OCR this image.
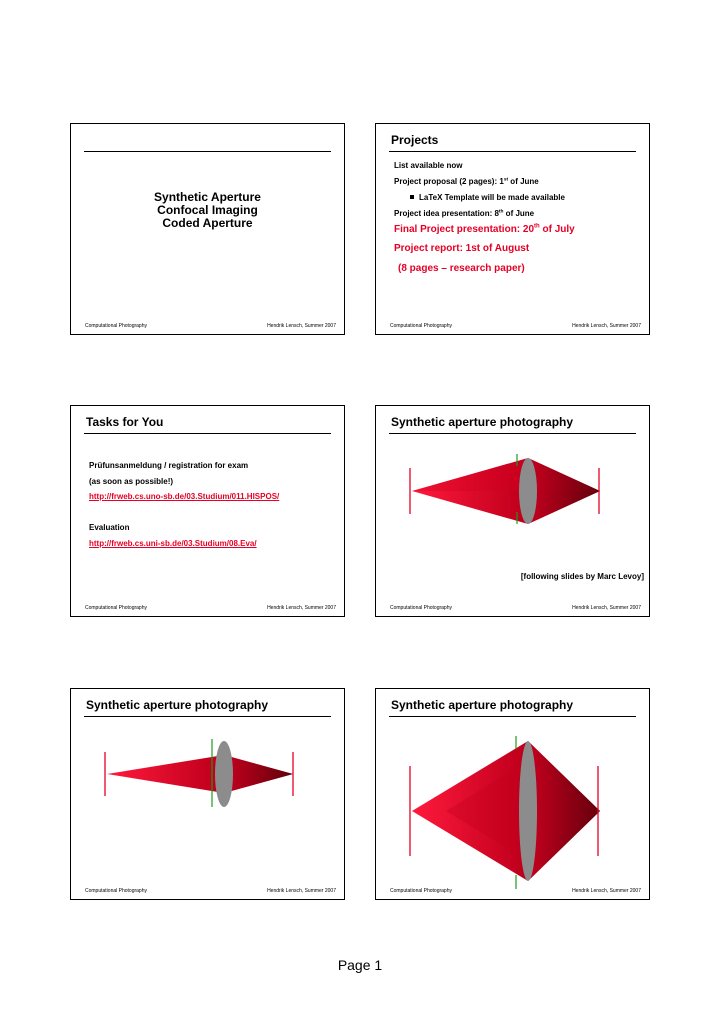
Synthetic Aperture
Confocal Imaging
Coded Aperture
Computational Photography	Hendrik Lensch, Summer 2007
Projects
List available now
Project proposal (2 pages): 1st of June
LaTeX Template will be made available
Project idea presentation: 8th of June
Final Project presentation: 20th of July
Project report: 1st of August
(8 pages – research paper)
Computational Photography	Hendrik Lensch, Summer 2007
Tasks for You
Prüfunsanmeldung / registration for exam
(as soon as possible!)
http://frweb.cs.uno-sb.de/03.Studium/011.HISPOS/
Evaluation
http://frweb.cs.uni-sb.de/03.Studium/08.Eva/
Computational Photography	Hendrik Lensch, Summer 2007
Synthetic aperture photography
[following slides by Marc Levoy]
Computational Photography	Hendrik Lensch, Summer 2007
Synthetic aperture photography
Computational Photography	Hendrik Lensch, Summer 2007
Synthetic aperture photography
Computational Photography	Hendrik Lensch, Summer 2007
Page 1
